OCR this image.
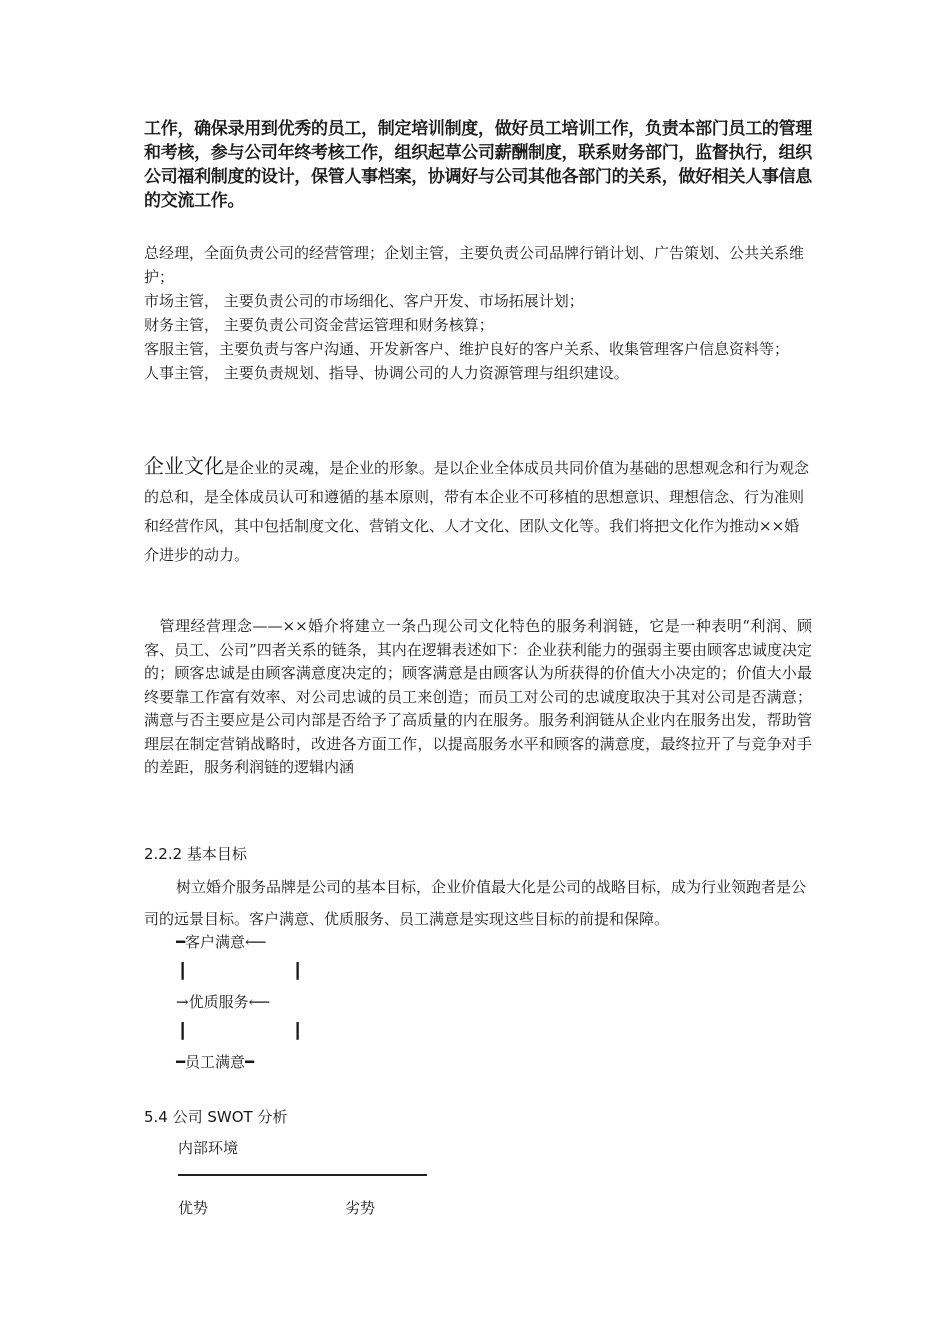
工作，确保录用到优秀的员工，制定培训制度，做好员工培训工作，负责本部门员工的管理和考核，参与公司年终考核工作，组织起草公司薪酬制度，联系财务部门，监督执行，组织公司福利制度的设计，保管人事档案，协调好与公司其他各部门的关系，做好相关人事信息的交流工作。

总经理，全面负责公司的经营管理；企划主管，主要负责公司品牌行销计划、广告策划、公共关系维护；

市场主管， 主要负责公司的市场细化、客户开发、市场拓展计划；

财务主管， 主要负责公司资金营运管理和财务核算；

客服主管，主要负责与客户沟通、开发新客户、维护良好的客户关系、收集管理客户信息资料等；

人事主管， 主要负责规划、指导、协调公司的人力资源管理与组织建设。

企业文化是企业的灵魂，是企业的形象。是以企业全体成员共同价值为基础的思想观念和行为观念的总和，是全体成员认可和遵循的基本原则，带有本企业不可移植的思想意识、理想信念、行为准则和经营作风，其中包括制度文化、营销文化、人才文化、团队文化等。我们将把文化作为推动××婚介进步的动力。

　管理经营理念——××婚介将建立一条凸现公司文化特色的服务利润链，它是一种表明“利润、顾客、员工、公司”四者关系的链条，其内在逻辑表述如下：企业获利能力的强弱主要由顾客忠诚度决定的；顾客忠诚是由顾客满意度决定的；顾客满意是由顾客认为所获得的价值大小决定的；价值大小最终要靠工作富有效率、对公司忠诚的员工来创造；而员工对公司的忠诚度取决于其对公司是否满意；满意与否主要应是公司内部是否给予了高质量的内在服务。服务利润链从企业内在服务出发，帮助管理层在制定营销战略时，改进各方面工作，以提高服务水平和顾客的满意度，最终拉开了与竞争对手的差距，服务利润链的逻辑内涵

2.2.2 基本目标

树立婚介服务品牌是公司的基本目标，企业价值最大化是公司的战略目标，成为行业领跑者是公司的远景目标。客户满意、优质服务、员工满意是实现这些目标的前提和保障。

━客户满意⟵
┃	┃
→优质服务⟵
┃	┃
━员工满意━

5.4 公司 SWOT 分析

内部环境

优势	劣势
